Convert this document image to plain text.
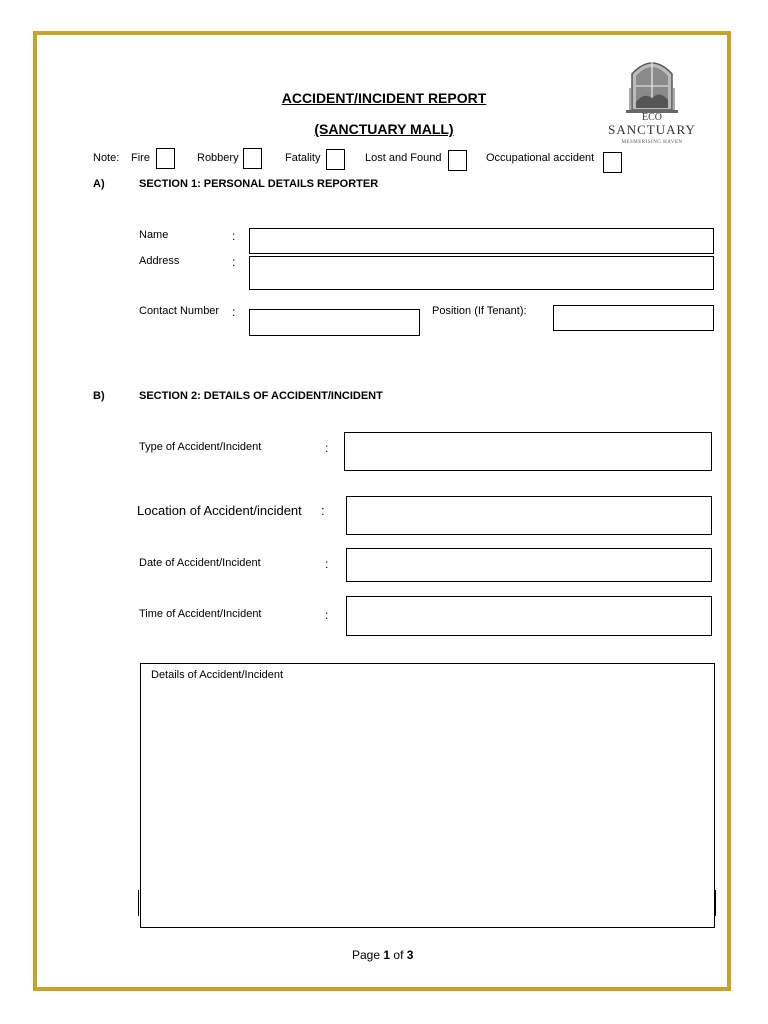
ECO
SANCTUARY
MESMERISING HAVEN
ACCIDENT/INCIDENT REPORT
(SANCTUARY MALL)
Note: Fire	Robbery	Fatality	Lost and Found	Occupational accident
A)	SECTION 1: PERSONAL DETAILS REPORTER
Name	:
Address	:
Contact Number :	Position (If Tenant):
B)	SECTION 2: DETAILS OF ACCIDENT/INCIDENT
Type of Accident/Incident	:
Location of Accident/incident :
Date of Accident/Incident	:
Time of Accident/Incident	:
Details of Accident/Incident
Page 1 of 3
